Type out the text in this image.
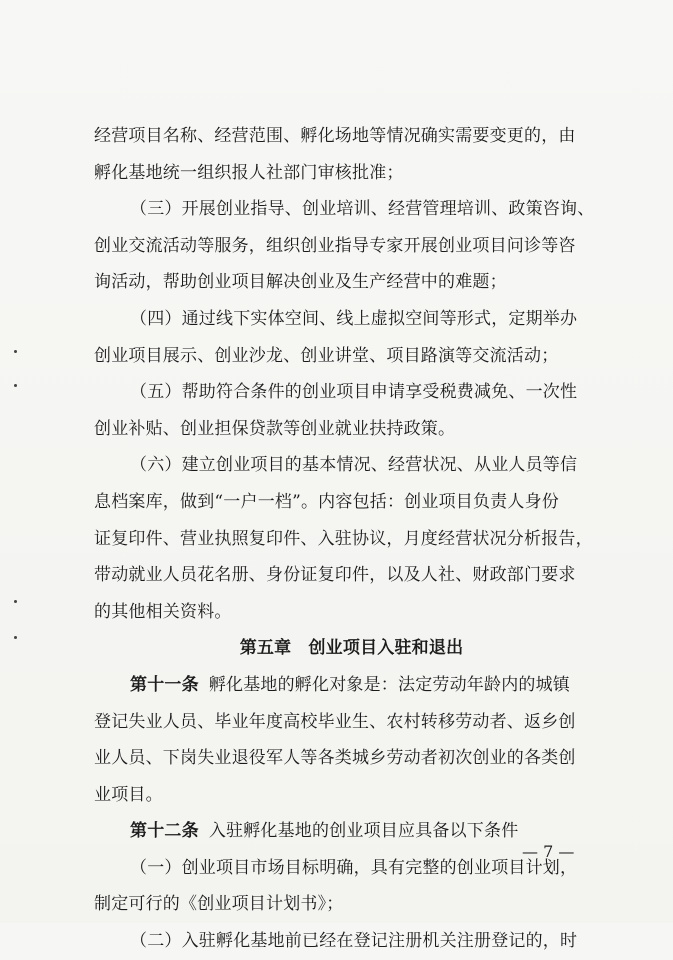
经营项目名称、经营范围、孵化场地等情况确实需要变更的，由
孵化基地统一组织报人社部门审核批准；
（三）开展创业指导、创业培训、经营管理培训、政策咨询、
创业交流活动等服务，组织创业指导专家开展创业项目问诊等咨
询活动，帮助创业项目解决创业及生产经营中的难题；
（四）通过线下实体空间、线上虚拟空间等形式，定期举办
创业项目展示、创业沙龙、创业讲堂、项目路演等交流活动；
（五）帮助符合条件的创业项目申请享受税费减免、一次性
创业补贴、创业担保贷款等创业就业扶持政策。
（六）建立创业项目的基本情况、经营状况、从业人员等信
息档案库，做到“一户一档”。内容包括：创业项目负责人身份
证复印件、营业执照复印件、入驻协议，月度经营状况分析报告，
带动就业人员花名册、身份证复印件，以及人社、财政部门要求
的其他相关资料。
第五章　创业项目入驻和退出
第十一条 孵化基地的孵化对象是：法定劳动年龄内的城镇
登记失业人员、毕业年度高校毕业生、农村转移劳动者、返乡创
业人员、下岗失业退役军人等各类城乡劳动者初次创业的各类创
业项目。
第十二条 入驻孵化基地的创业项目应具备以下条件
（一）创业项目市场目标明确，具有完整的创业项目计划，
制定可行的《创业项目计划书》；
（二）入驻孵化基地前已经在登记注册机关注册登记的，时
— 7 —
